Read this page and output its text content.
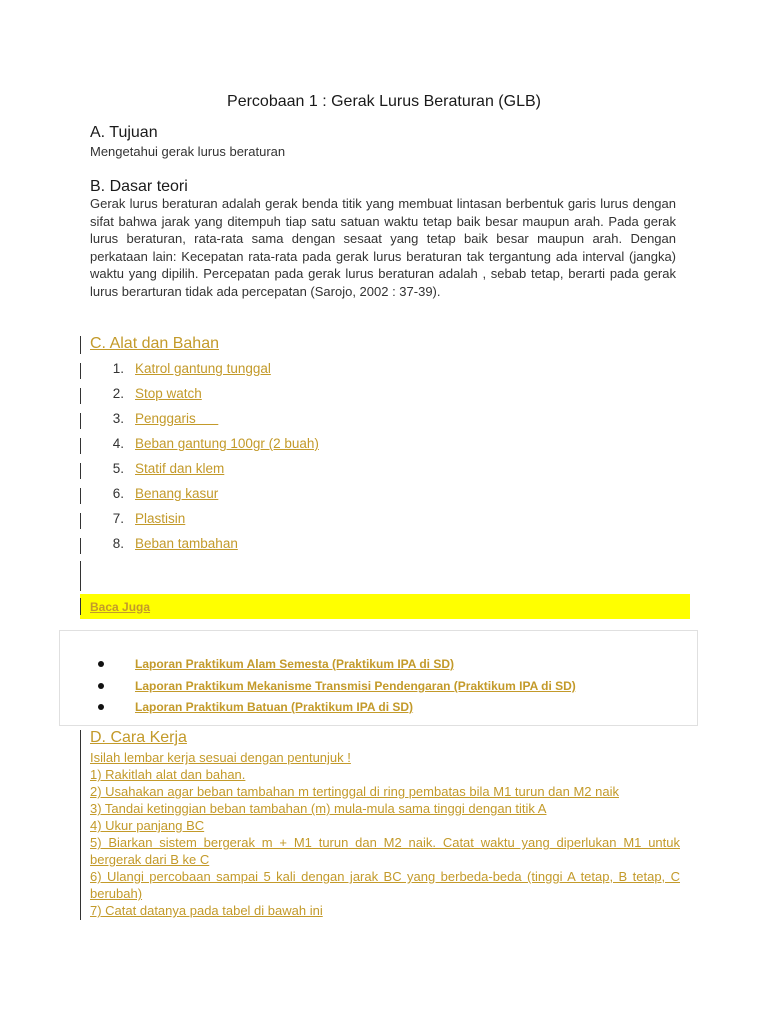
Percobaan 1 : Gerak Lurus Beraturan (GLB)
A. Tujuan
Mengetahui gerak lurus beraturan
B. Dasar teori
Gerak lurus beraturan adalah gerak benda titik yang membuat lintasan berbentuk garis lurus dengan sifat bahwa jarak yang ditempuh tiap satu satuan waktu tetap baik besar maupun arah. Pada gerak lurus beraturan, rata-rata sama dengan sesaat yang tetap baik besar maupun arah. Dengan perkataan lain: Kecepatan rata-rata pada gerak lurus beraturan tak tergantung ada interval (jangka) waktu yang dipilih. Percepatan pada gerak lurus beraturan adalah , sebab tetap, berarti pada gerak lurus berarturan tidak ada percepatan (Sarojo, 2002 : 37-39).
C. Alat dan Bahan
1. Katrol gantung tunggal
2. Stop watch
3. Penggaris
4. Beban gantung 100gr (2 buah)
5. Statif dan klem
6. Benang kasur
7. Plastisin
8. Beban tambahan
Baca Juga
Laporan Praktikum Alam Semesta (Praktikum IPA di SD)
Laporan Praktikum Mekanisme Transmisi Pendengaran (Praktikum IPA di SD)
Laporan Praktikum Batuan (Praktikum IPA di SD)
D. Cara Kerja
Isilah lembar kerja sesuai dengan pentunjuk !
1) Rakitlah alat dan bahan.
2) Usahakan agar beban tambahan m tertinggal di ring pembatas bila M1 turun dan M2 naik
3) Tandai ketinggian beban tambahan (m) mula-mula sama tinggi dengan titik A
4) Ukur panjang BC
5) Biarkan sistem bergerak m + M1 turun dan M2 naik. Catat waktu yang diperlukan M1 untuk bergerak dari B ke C
6) Ulangi percobaan sampai 5 kali dengan jarak BC yang berbeda-beda (tinggi A tetap, B tetap, C berubah)
7) Catat datanya pada tabel di bawah ini
